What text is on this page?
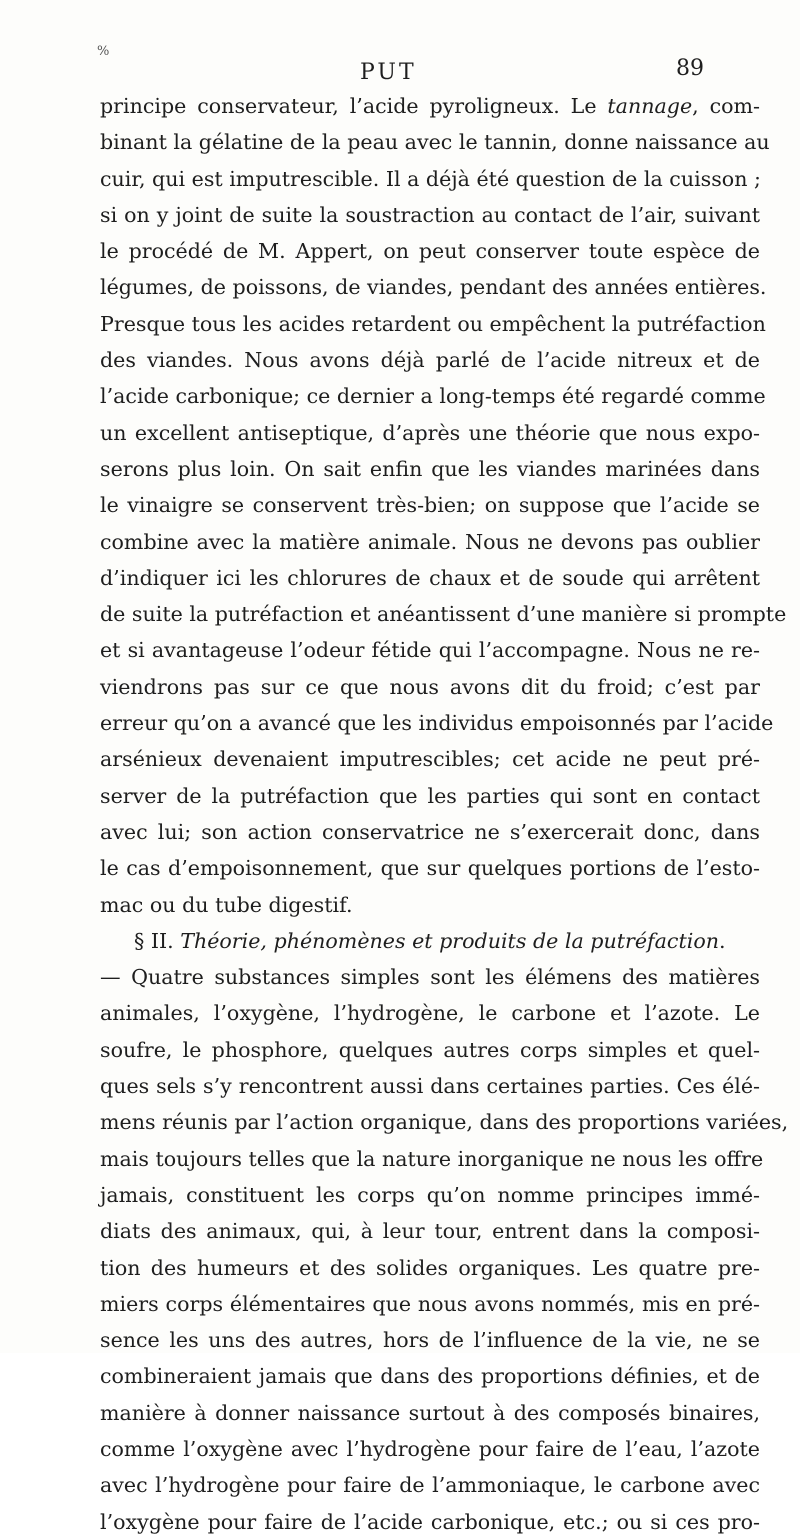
%
PUT	89
principe conservateur, l’acide pyroligneux. Le tannage, com-
binant la gélatine de la peau avec le tannin, donne naissance au
cuir, qui est imputrescible. Il a déjà été question de la cuisson ;
si on y joint de suite la soustraction au contact de l’air, suivant
le procédé de M. Appert, on peut conserver toute espèce de
légumes, de poissons, de viandes, pendant des années entières.
Presque tous les acides retardent ou empêchent la putréfaction
des viandes. Nous avons déjà parlé de l’acide nitreux et de
l’acide carbonique; ce dernier a long-temps été regardé comme
un excellent antiseptique, d’après une théorie que nous expo-
serons plus loin. On sait enfin que les viandes marinées dans
le vinaigre se conservent très-bien; on suppose que l’acide se
combine avec la matière animale. Nous ne devons pas oublier
d’indiquer ici les chlorures de chaux et de soude qui arrêtent
de suite la putréfaction et anéantissent d’une manière si prompte
et si avantageuse l’odeur fétide qui l’accompagne. Nous ne re-
viendrons pas sur ce que nous avons dit du froid; c’est par
erreur qu’on a avancé que les individus empoisonnés par l’acide
arsénieux devenaient imputrescibles; cet acide ne peut pré-
server de la putréfaction que les parties qui sont en contact
avec lui; son action conservatrice ne s’exercerait donc, dans
le cas d’empoisonnement, que sur quelques portions de l’esto-
mac ou du tube digestif.
§ II. Théorie, phénomènes et produits de la putréfaction.
— Quatre substances simples sont les élémens des matières
animales, l’oxygène, l’hydrogène, le carbone et l’azote. Le
soufre, le phosphore, quelques autres corps simples et quel-
ques sels s’y rencontrent aussi dans certaines parties. Ces élé-
mens réunis par l’action organique, dans des proportions variées,
mais toujours telles que la nature inorganique ne nous les offre
jamais, constituent les corps qu’on nomme principes immé-
diats des animaux, qui, à leur tour, entrent dans la composi-
tion des humeurs et des solides organiques. Les quatre pre-
miers corps élémentaires que nous avons nommés, mis en pré-
sence les uns des autres, hors de l’influence de la vie, ne se
combineraient jamais que dans des proportions définies, et de
manière à donner naissance surtout à des composés binaires,
comme l’oxygène avec l’hydrogène pour faire de l’eau, l’azote
avec l’hydrogène pour faire de l’ammoniaque, le carbone avec
l’oxygène pour faire de l’acide carbonique, etc.; ou si ces pro-
